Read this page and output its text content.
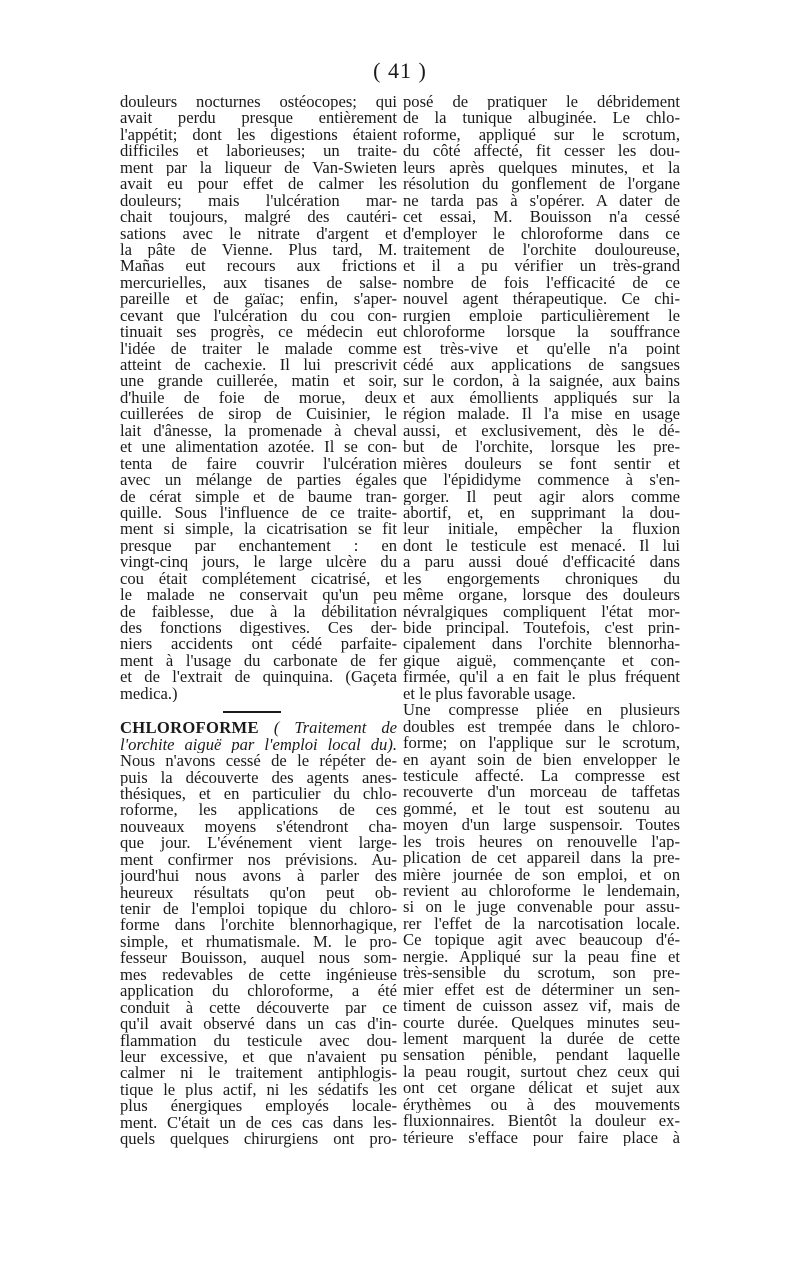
( 41 )
douleurs nocturnes ostéocopes; qui
avait perdu presque entièrement
l'appétit; dont les digestions étaient
difficiles et laborieuses; un traite-
ment par la liqueur de Van-Swieten
avait eu pour effet de calmer les
douleurs; mais l'ulcération mar-
chait toujours, malgré des cautéri-
sations avec le nitrate d'argent et
la pâte de Vienne. Plus tard, M.
Mañas eut recours aux frictions
mercurielles, aux tisanes de salse-
pareille et de gaïac; enfin, s'aper-
cevant que l'ulcération du cou con-
tinuait ses progrès, ce médecin eut
l'idée de traiter le malade comme
atteint de cachexie. Il lui prescrivit
une grande cuillerée, matin et soir,
d'huile de foie de morue, deux
cuillerées de sirop de Cuisinier, le
lait d'ânesse, la promenade à cheval
et une alimentation azotée. Il se con-
tenta de faire couvrir l'ulcération
avec un mélange de parties égales
de cérat simple et de baume tran-
quille. Sous l'influence de ce traite-
ment si simple, la cicatrisation se fit
presque par enchantement : en
vingt-cinq jours, le large ulcère du
cou était complétement cicatrisé, et
le malade ne conservait qu'un peu
de faiblesse, due à la débilitation
des fonctions digestives. Ces der-
niers accidents ont cédé parfaite-
ment à l'usage du carbonate de fer
et de l'extrait de quinquina. (Gaçeta
medica.)
CHLOROFORME ( Traitement de
l'orchite aiguë par l'emploi local du).
Nous n'avons cessé de le répéter de-
puis la découverte des agents anes-
thésiques, et en particulier du chlo-
roforme, les applications de ces
nouveaux moyens s'étendront cha-
que jour. L'événement vient large-
ment confirmer nos prévisions. Au-
jourd'hui nous avons à parler des
heureux résultats qu'on peut ob-
tenir de l'emploi topique du chloro-
forme dans l'orchite blennorhagique,
simple, et rhumatismale. M. le pro-
fesseur Bouisson, auquel nous som-
mes redevables de cette ingénieuse
application du chloroforme, a été
conduit à cette découverte par ce
qu'il avait observé dans un cas d'in-
flammation du testicule avec dou-
leur excessive, et que n'avaient pu
calmer ni le traitement antiphlogis-
tique le plus actif, ni les sédatifs les
plus énergiques employés locale-
ment. C'était un de ces cas dans les-
quels quelques chirurgiens ont pro-
posé de pratiquer le débridement
de la tunique albuginée. Le chlo-
roforme, appliqué sur le scrotum,
du côté affecté, fit cesser les dou-
leurs après quelques minutes, et la
résolution du gonflement de l'organe
ne tarda pas à s'opérer. A dater de
cet essai, M. Bouisson n'a cessé
d'employer le chloroforme dans ce
traitement de l'orchite douloureuse,
et il a pu vérifier un très-grand
nombre de fois l'efficacité de ce
nouvel agent thérapeutique. Ce chi-
rurgien emploie particulièrement le
chloroforme lorsque la souffrance
est très-vive et qu'elle n'a point
cédé aux applications de sangsues
sur le cordon, à la saignée, aux bains
et aux émollients appliqués sur la
région malade. Il l'a mise en usage
aussi, et exclusivement, dès le dé-
but de l'orchite, lorsque les pre-
mières douleurs se font sentir et
que l'épididyme commence à s'en-
gorger. Il peut agir alors comme
abortif, et, en supprimant la dou-
leur initiale, empêcher la fluxion
dont le testicule est menacé. Il lui
a paru aussi doué d'efficacité dans
les engorgements chroniques du
même organe, lorsque des douleurs
névralgiques compliquent l'état mor-
bide principal. Toutefois, c'est prin-
cipalement dans l'orchite blennorha-
gique aiguë, commençante et con-
firmée, qu'il a en fait le plus fréquent
et le plus favorable usage.
Une compresse pliée en plusieurs
doubles est trempée dans le chloro-
forme; on l'applique sur le scrotum,
en ayant soin de bien envelopper le
testicule affecté. La compresse est
recouverte d'un morceau de taffetas
gommé, et le tout est soutenu au
moyen d'un large suspensoir. Toutes
les trois heures on renouvelle l'ap-
plication de cet appareil dans la pre-
mière journée de son emploi, et on
revient au chloroforme le lendemain,
si on le juge convenable pour assu-
rer l'effet de la narcotisation locale.
Ce topique agit avec beaucoup d'é-
nergie. Appliqué sur la peau fine et
très-sensible du scrotum, son pre-
mier effet est de déterminer un sen-
timent de cuisson assez vif, mais de
courte durée. Quelques minutes seu-
lement marquent la durée de cette
sensation pénible, pendant laquelle
la peau rougit, surtout chez ceux qui
ont cet organe délicat et sujet aux
érythèmes ou à des mouvements
fluxionnaires. Bientôt la douleur ex-
térieure s'efface pour faire place à
